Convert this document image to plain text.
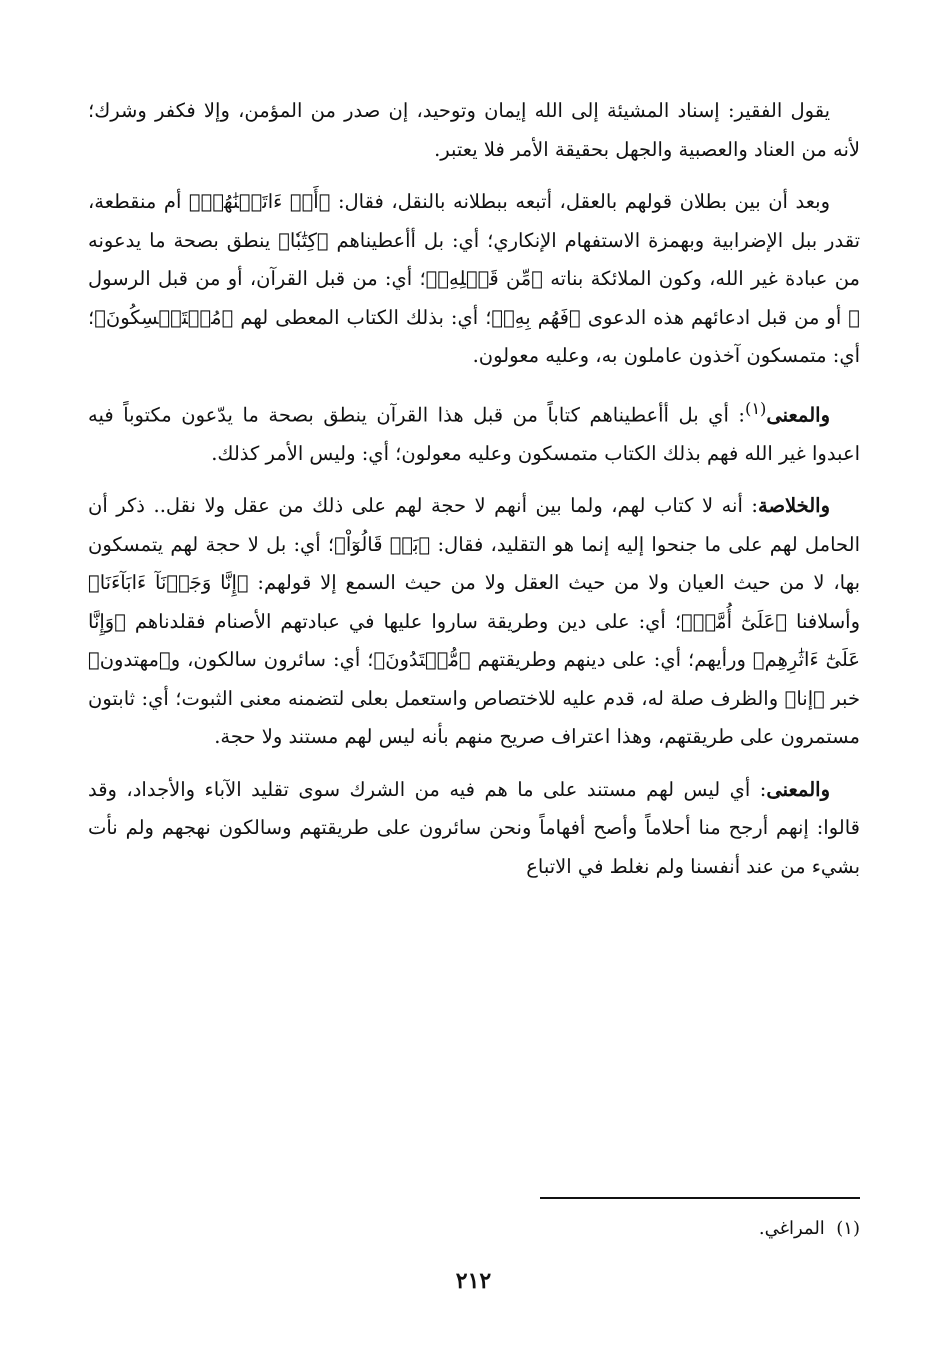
يقول الفقير: إسناد المشيئة إلى الله إيمان وتوحيد، إن صدر من المؤمن، وإلا فكفر وشرك؛ لأنه من العناد والعصبية والجهل بحقيقة الأمر فلا يعتبر.

وبعد أن بين بطلان قولهم بالعقل، أتبعه ببطلانه بالنقل، فقال: ﴿أَمۡ ءَاتَيۡنَٰهُمۡ﴾ أم منقطعة، تقدر ببل الإضرابية وبهمزة الاستفهام الإنكاري؛ أي: بل أأعطيناهم ﴿كِتَٰبٗا﴾ ينطق بصحة ما يدعونه من عبادة غير الله، وكون الملائكة بناته ﴿مِّن قَبۡلِهِۦ﴾؛ أي: من قبل القرآن، أو من قبل الرسول ﷺ أو من قبل ادعائهم هذه الدعوى ﴿فَهُم بِهِۦ﴾؛ أي: بذلك الكتاب المعطى لهم ﴿مُسۡتَمۡسِكُونَ﴾؛ أي: متمسكون آخذون عاملون به، وعليه معولون.

والمعنى$^{(١)}$: أي بل أأعطيناهم كتاباً من قبل هذا القرآن ينطق بصحة ما يدّعون مكتوباً فيه اعبدوا غير الله فهم بذلك الكتاب متمسكون وعليه معولون؛ أي: وليس الأمر كذلك.

والخلاصة: أنه لا كتاب لهم، ولما بين أنهم لا حجة لهم على ذلك من عقل ولا نقل.. ذكر أن الحامل لهم على ما جنحوا إليه إنما هو التقليد، فقال: ﴿بَلۡ قَالُوٓاْ﴾؛ أي: بل لا حجة لهم يتمسكون بها، لا من حيث العيان ولا من حيث العقل ولا من حيث السمع إلا قولهم: ﴿إِنَّا وَجَدۡنَآ ءَابَآءَنَا﴾ وأسلافنا ﴿عَلَىٰٓ أُمَّةٖ﴾؛ أي: على دين وطريقة ساروا عليها في عبادتهم الأصنام فقلدناهم ﴿وَإِنَّا عَلَىٰٓ ءَاثَٰرِهِم﴾ ورأيهم؛ أي: على دينهم وطريقتهم ﴿مُّهۡتَدُونَ﴾؛ أي: سائرون سالكون، و﴿مهتدون﴾ خبر ﴿إنا﴾ والظرف صلة له، قدم عليه للاختصاص واستعمل بعلى لتضمنه معنى الثبوت؛ أي: ثابتون مستمرون على طريقتهم، وهذا اعتراف صريح منهم بأنه ليس لهم مستند ولا حجة.

والمعنى: أي ليس لهم مستند على ما هم فيه من الشرك سوى تقليد الآباء والأجداد، وقد قالوا: إنهم أرجح منا أحلاماً وأصح أفهاماً ونحن سائرون على طريقتهم وسالكون نهجهم ولم نأت بشيء من عند أنفسنا ولم نغلط في الاتباع

(١)  المراغي.
٢١٢
